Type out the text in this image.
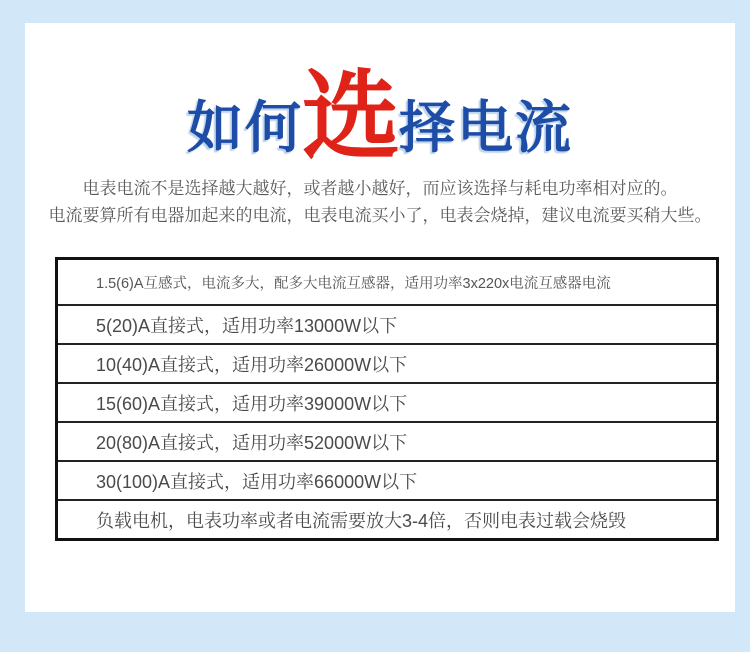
如何 选 择电流
电表电流不是选择越大越好，或者越小越好，而应该选择与耗电功率相对应的。
电流要算所有电器加起来的电流，电表电流买小了，电表会烧掉，建议电流要买稍大些。
1.5(6)A互感式，电流多大，配多大电流互感器，适用功率3x220x电流互感器电流
5(20)A直接式，适用功率13000W以下
10(40)A直接式，适用功率26000W以下
15(60)A直接式，适用功率39000W以下
20(80)A直接式，适用功率52000W以下
30(100)A直接式，适用功率66000W以下
负载电机，电表功率或者电流需要放大3-4倍，否则电表过载会烧毁
